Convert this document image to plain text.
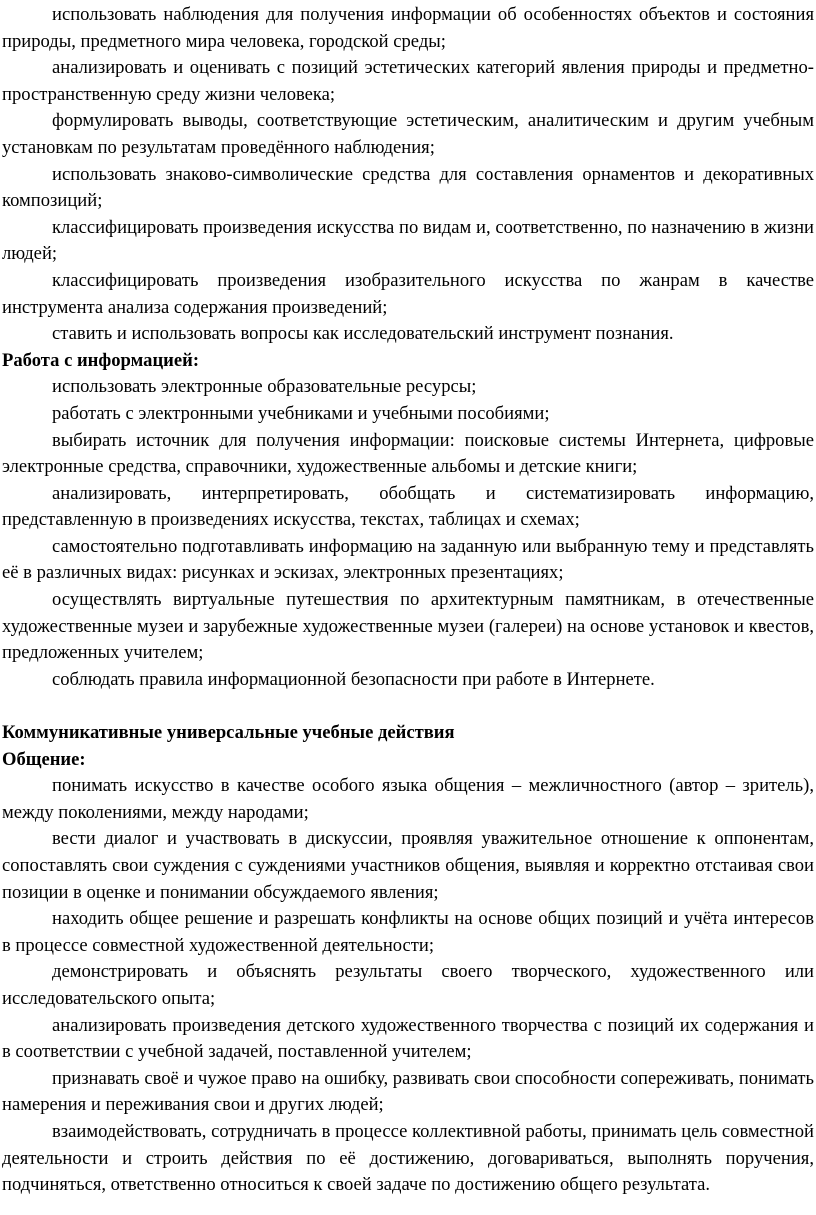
использовать наблюдения для получения информации об особенностях объектов и состояния природы, предметного мира человека, городской среды;

анализировать и оценивать с позиций эстетических категорий явления природы и предметно-пространственную среду жизни человека;

формулировать выводы, соответствующие эстетическим, аналитическим и другим учебным установкам по результатам проведённого наблюдения;

использовать знаково-символические средства для составления орнаментов и декоративных композиций;

классифицировать произведения искусства по видам и, соответственно, по назначению в жизни людей;

классифицировать произведения изобразительного искусства по жанрам в качестве инструмента анализа содержания произведений;

ставить и использовать вопросы как исследовательский инструмент познания.

Работа с информацией:

использовать электронные образовательные ресурсы;

работать с электронными учебниками и учебными пособиями;

выбирать источник для получения информации: поисковые системы Интернета, цифровые электронные средства, справочники, художественные альбомы и детские книги;

анализировать, интерпретировать, обобщать и систематизировать информацию, представленную в произведениях искусства, текстах, таблицах и схемах;

самостоятельно подготавливать информацию на заданную или выбранную тему и представлять её в различных видах: рисунках и эскизах, электронных презентациях;

осуществлять виртуальные путешествия по архитектурным памятникам, в отечественные художественные музеи и зарубежные художественные музеи (галереи) на основе установок и квестов, предложенных учителем;

соблюдать правила информационной безопасности при работе в Интернете.

Коммуникативные универсальные учебные действия

Общение:

понимать искусство в качестве особого языка общения – межличностного (автор – зритель), между поколениями, между народами;

вести диалог и участвовать в дискуссии, проявляя уважительное отношение к оппонентам, сопоставлять свои суждения с суждениями участников общения, выявляя и корректно отстаивая свои позиции в оценке и понимании обсуждаемого явления;

находить общее решение и разрешать конфликты на основе общих позиций и учёта интересов в процессе совместной художественной деятельности;

демонстрировать и объяснять результаты своего творческого, художественного или исследовательского опыта;

анализировать произведения детского художественного творчества с позиций их содержания и в соответствии с учебной задачей, поставленной учителем;

признавать своё и чужое право на ошибку, развивать свои способности сопереживать, понимать намерения и переживания свои и других людей;

взаимодействовать, сотрудничать в процессе коллективной работы, принимать цель совместной деятельности и строить действия по её достижению, договариваться, выполнять поручения, подчиняться, ответственно относиться к своей задаче по достижению общего результата.
